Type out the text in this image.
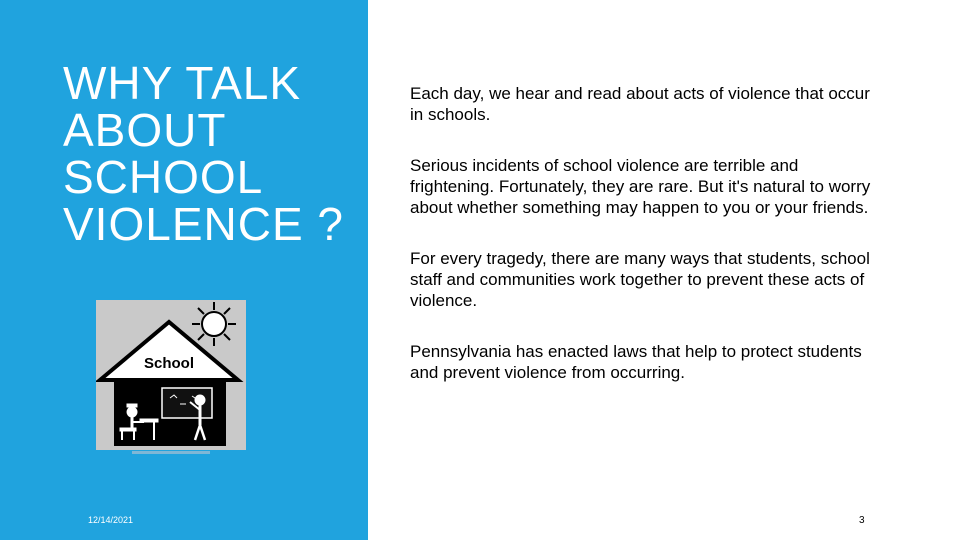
WHY TALK ABOUT SCHOOL VIOLENCE ?
School
12/14/2021

Each day, we hear and read about acts of violence that occur in schools.

Serious incidents of school violence are terrible and frightening. Fortunately, they are rare. But it's natural to worry about whether something may happen to you or your friends.

For every tragedy, there are many ways that students, school staff and communities work together to prevent these acts of violence.

Pennsylvania has enacted laws that help to protect students and prevent violence from occurring.

3
